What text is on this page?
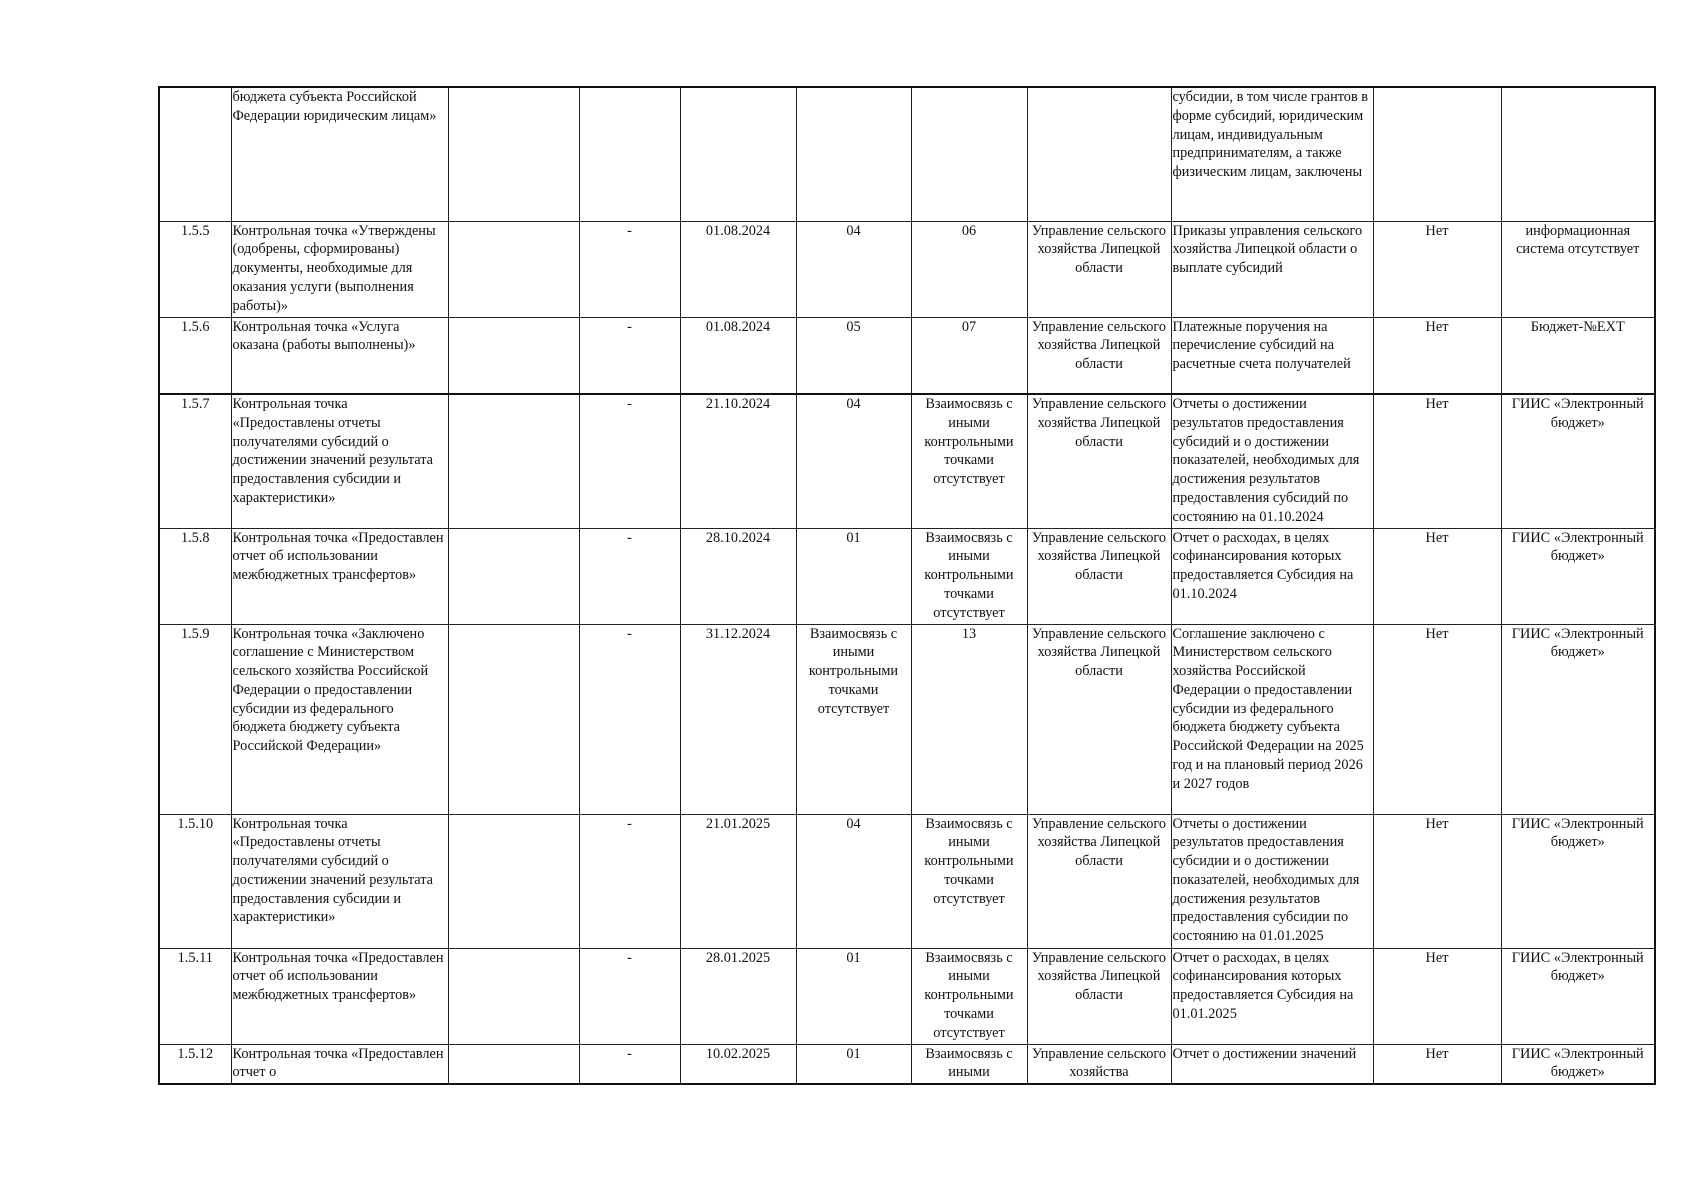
	бюджета субъекта Российской Федерации юридическим лицам»							субсидии, в том числе грантов в форме субсидий, юридическим лицам, индивидуальным предпринимателям, а также физическим лицам, заключены		
1.5.5	Контрольная точка «Утверждены (одобрены, сформированы) документы, необходимые для оказания услуги (выполнения работы)»		-	01.08.2024	04	06	Управление сельского хозяйства Липецкой области	Приказы управления сельского хозяйства Липецкой области о выплате субсидий	Нет	информационная система отсутствует
1.5.6	Контрольная точка «Услуга оказана (работы выполнены)»		-	01.08.2024	05	07	Управление сельского хозяйства Липецкой области	Платежные поручения на перечисление субсидий на расчетные счета получателей	Нет	Бюджет-№EXT
1.5.7	Контрольная точка «Предоставлены отчеты получателями субсидий о достижении значений результата предоставления субсидии и характеристики»		-	21.10.2024	04	Взаимосвязь с иными контрольными точками отсутствует	Управление сельского хозяйства Липецкой области	Отчеты о достижении результатов предоставления субсидий и о достижении показателей, необходимых для достижения результатов предоставления субсидий по состоянию на 01.10.2024	Нет	ГИИС «Электронный бюджет»
1.5.8	Контрольная точка «Предоставлен отчет об использовании межбюджетных трансфертов»		-	28.10.2024	01	Взаимосвязь с иными контрольными точками отсутствует	Управление сельского хозяйства Липецкой области	Отчет о расходах, в целях софинансирования которых предоставляется Субсидия на 01.10.2024	Нет	ГИИС «Электронный бюджет»
1.5.9	Контрольная точка «Заключено соглашение с Министерством сельского хозяйства Российской Федерации о предоставлении субсидии из федерального бюджета бюджету субъекта Российской Федерации»		-	31.12.2024	Взаимосвязь с иными контрольными точками отсутствует	13	Управление сельского хозяйства Липецкой области	Соглашение заключено с Министерством сельского хозяйства Российской Федерации о предоставлении субсидии из федерального бюджета бюджету субъекта Российской Федерации на 2025 год и на плановый период 2026 и 2027 годов	Нет	ГИИС «Электронный бюджет»
1.5.10	Контрольная точка «Предоставлены отчеты получателями субсидий о достижении значений результата предоставления субсидии и характеристики»		-	21.01.2025	04	Взаимосвязь с иными контрольными точками отсутствует	Управление сельского хозяйства Липецкой области	Отчеты о достижении результатов предоставления субсидии и о достижении показателей, необходимых для достижения результатов предоставления субсидии по состоянию на 01.01.2025	Нет	ГИИС «Электронный бюджет»
1.5.11	Контрольная точка «Предоставлен отчет об использовании межбюджетных трансфертов»		-	28.01.2025	01	Взаимосвязь с иными контрольными точками отсутствует	Управление сельского хозяйства Липецкой области	Отчет о расходах, в целях софинансирования которых предоставляется Субсидия на 01.01.2025	Нет	ГИИС «Электронный бюджет»
1.5.12	Контрольная точка «Предоставлен отчет о		-	10.02.2025	01	Взаимосвязь с иными	Управление сельского хозяйства	Отчет о достижении значений	Нет	ГИИС «Электронный бюджет»
